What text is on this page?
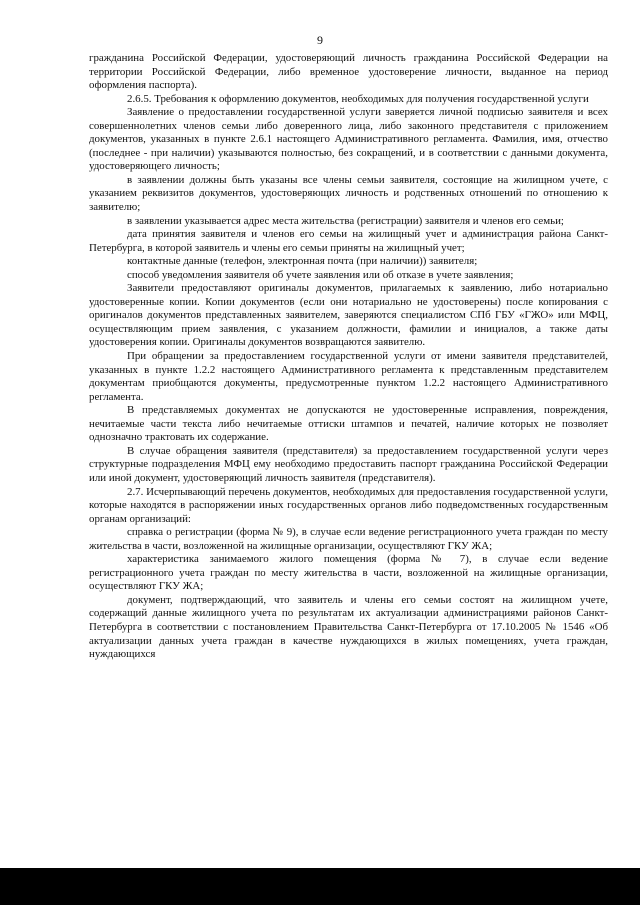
9

гражданина Российской Федерации, удостоверяющий личность гражданина Российской Федерации на территории Российской Федерации, либо временное удостоверение личности, выданное на период оформления паспорта).

2.6.5. Требования к оформлению документов, необходимых для получения государственной услуги

Заявление о предоставлении государственной услуги заверяется личной подписью заявителя и всех совершеннолетних членов семьи либо доверенного лица, либо законного представителя с приложением документов, указанных в пункте 2.6.1 настоящего Административного регламента. Фамилия, имя, отчество (последнее - при наличии) указываются полностью, без сокращений, и в соответствии с данными документа, удостоверяющего личность;

в заявлении должны быть указаны все члены семьи заявителя, состоящие на жилищном учете, с указанием реквизитов документов, удостоверяющих личность и родственных отношений по отношению к заявителю;

в заявлении указывается адрес места жительства (регистрации) заявителя и членов его семьи;

дата принятия заявителя и членов его семьи на жилищный учет и администрация района Санкт-Петербурга, в которой заявитель и члены его семьи приняты на жилищный учет;

контактные данные (телефон, электронная почта (при наличии)) заявителя;

способ уведомления заявителя об учете заявления или об отказе в учете заявления;

Заявители предоставляют оригиналы документов, прилагаемых к заявлению, либо нотариально удостоверенные копии. Копии документов (если они нотариально не удостоверены) после копирования с оригиналов документов представленных заявителем, заверяются специалистом СПб ГБУ «ГЖО» или МФЦ, осуществляющим прием заявления, с указанием должности, фамилии и инициалов, а также даты удостоверения копии. Оригиналы документов возвращаются заявителю.

При обращении за предоставлением государственной услуги от имени заявителя представителей, указанных в пункте 1.2.2 настоящего Административного регламента к представленным представителем документам приобщаются документы, предусмотренные пунктом 1.2.2 настоящего Административного регламента.

В представляемых документах не допускаются не удостоверенные исправления, повреждения, нечитаемые части текста либо нечитаемые оттиски штампов и печатей, наличие которых не позволяет однозначно трактовать их содержание.

В случае обращения заявителя (представителя) за предоставлением государственной услуги через структурные подразделения МФЦ ему необходимо предоставить паспорт гражданина Российской Федерации или иной документ, удостоверяющий личность заявителя (представителя).

2.7. Исчерпывающий перечень документов, необходимых для предоставления государственной услуги, которые находятся в распоряжении иных государственных органов либо подведомственных государственным органам организаций:

справка о регистрации (форма № 9), в случае если ведение регистрационного учета граждан по месту жительства в части, возложенной на жилищные организации, осуществляют ГКУ ЖА;

характеристика занимаемого жилого помещения (форма № 7), в случае если ведение регистрационного учета граждан по месту жительства в части, возложенной на жилищные организации, осуществляют ГКУ ЖА;

документ, подтверждающий, что заявитель и члены его семьи состоят на жилищном учете, содержащий данные жилищного учета по результатам их актуализации администрациями районов Санкт-Петербурга в соответствии с постановлением Правительства Санкт-Петербурга от 17.10.2005 № 1546 «Об актуализации данных учета граждан в качестве нуждающихся в жилых помещениях, учета граждан, нуждающихся
